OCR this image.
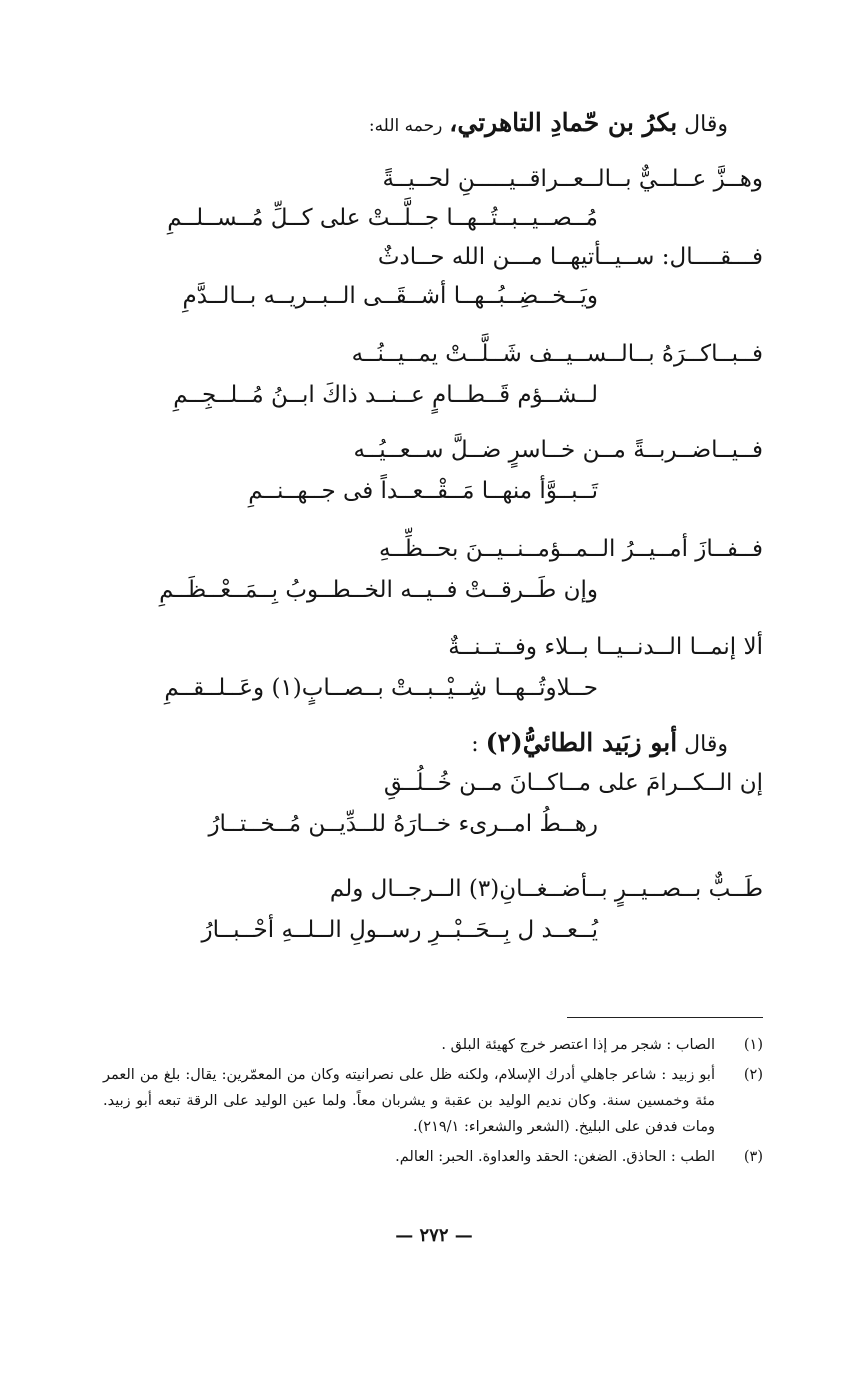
وقال بكرُ بن حّمادِ التاهرتي، رحمه الله:
وهــزَّ عــلــيٌّ بــالــعــراقــيـــــنِ لحــيــةً
مُــصــيــبــتُــهــا جــلَّــتْ على كــلِّ مُــســلــمِ
فـــقــــال: ســيــأتيهــا مـــن الله حــادثٌ
ويَــخــضِــبُــهــا أشــقَــى الــبــريــه بــالــدَّمِ
فــبــاكــرَهُ بــالــســيــف شَــلَّــتْ يمــيــنُــه
لــشــؤم قَــطــامٍ عــنــد ذاكَ ابــنُ مُــلــجِــمِ
فــيــاضــربــةً مــن خــاسرٍ ضــلَّ ســعــيُــه
تَــبــوَّأ منهــا مَــقْــعــداً فى جــهــنــمِ
فــفــازَ أمــيــرُ الــمــؤمــنــيــنَ بحــظِّــهِ
وإن طَــرقــتْ فــيــه الخــطــوبُ بِــمَــعْــظَــمِ
ألا إنمــا الــدنــيــا بــلاء وفــتــنــةٌ
حــلاوتُــهــا شِــيْــبــتْ بــصــابٍ(١) وعَــلــقــمِ
وقال أبو زبَيد الطائيُّ(٢) :
إن الــكــرامَ على مــاكــانَ مــن خُــلُــقِ
رهــطُ امــرىء خــارَهُ للــدِّيــن مُــخــتــارُ
طَــبٌّ بــصــيــرٍ بــأضــغــانِ(٣) الــرجــال ولم
يُــعــد ل بِــحَــبْــرِ رســولِ الــلــهِ أحْــبــارُ
(١)
الصاب : شجر مر إذا اعتصر خرج كهيئة البلق .
(٢)
أبو زبيد : شاعر جاهلي أدرك الإسلام، ولكنه ظل على نصرانيته وكان من المعمّرين: يقال: بلغ من العمر مئة وخمسين سنة. وكان نديم الوليد بن عقبة و يشربان معاً. ولما عين الوليد على الرقة تبعه أبو زبيد. ومات فدفن على البليخ. (الشعر والشعراء: ٢١٩/١).
(٣)
الطب : الحاذق. الضغن: الحقد والعداوة. الحبر: العالم.
— ٢٧٢ —
